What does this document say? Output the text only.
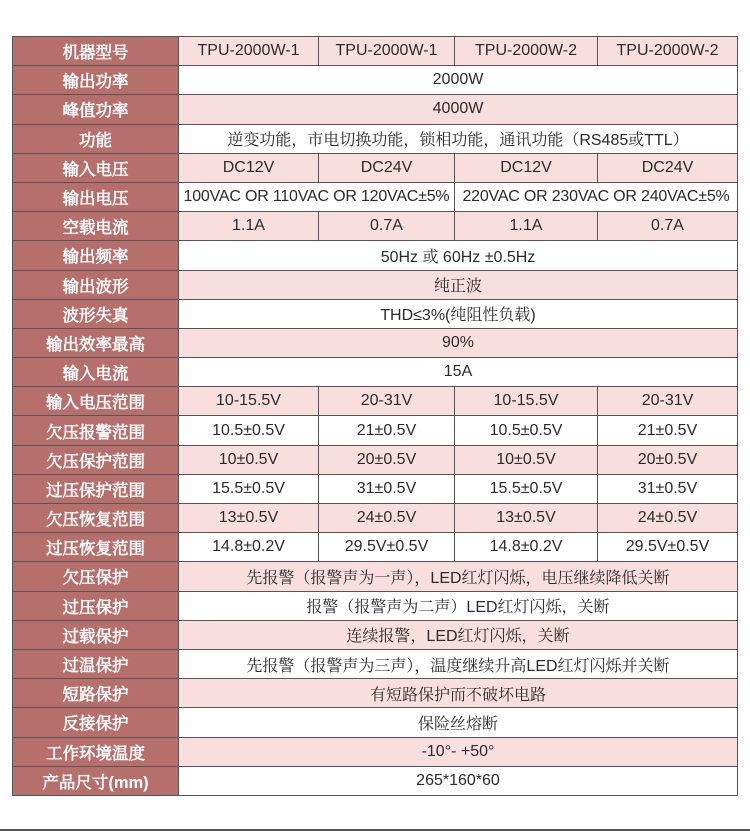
机器型号	TPU-2000W-1	TPU-2000W-1	TPU-2000W-2	TPU-2000W-2
输出功率	2000W			
峰值功率	4000W			
功能	逆变功能，市电切换功能，锁相功能，通讯功能（RS485或TTL）			
输入电压	DC12V	DC24V	DC12V	DC24V
输出电压	100VAC OR 110VAC OR 120VAC±5%		220VAC OR 230VAC OR 240VAC±5%	
空载电流	1.1A	0.7A	1.1A	0.7A
输出频率	50Hz 或 60Hz ±0.5Hz			
输出波形	纯正波			
波形失真	THD≤3%(纯阻性负载)			
输出效率最高	90%			
输入电流	15A			
输入电压范围	10-15.5V	20-31V	10-15.5V	20-31V
欠压报警范围	10.5±0.5V	21±0.5V	10.5±0.5V	21±0.5V
欠压保护范围	10±0.5V	20±0.5V	10±0.5V	20±0.5V
过压保护范围	15.5±0.5V	31±0.5V	15.5±0.5V	31±0.5V
欠压恢复范围	13±0.5V	24±0.5V	13±0.5V	24±0.5V
过压恢复范围	14.8±0.2V	29.5V±0.5V	14.8±0.2V	29.5V±0.5V
欠压保护	先报警（报警声为一声），LED红灯闪烁，电压继续降低关断			
过压保护	报警（报警声为二声）LED红灯闪烁，关断			
过载保护	连续报警，LED红灯闪烁，关断			
过温保护	先报警（报警声为三声），温度继续升高LED红灯闪烁并关断			
短路保护	有短路保护而不破坏电路			
反接保护	保险丝熔断			
工作环境温度	-10°- +50°			
产品尺寸(mm)	265*160*60			
